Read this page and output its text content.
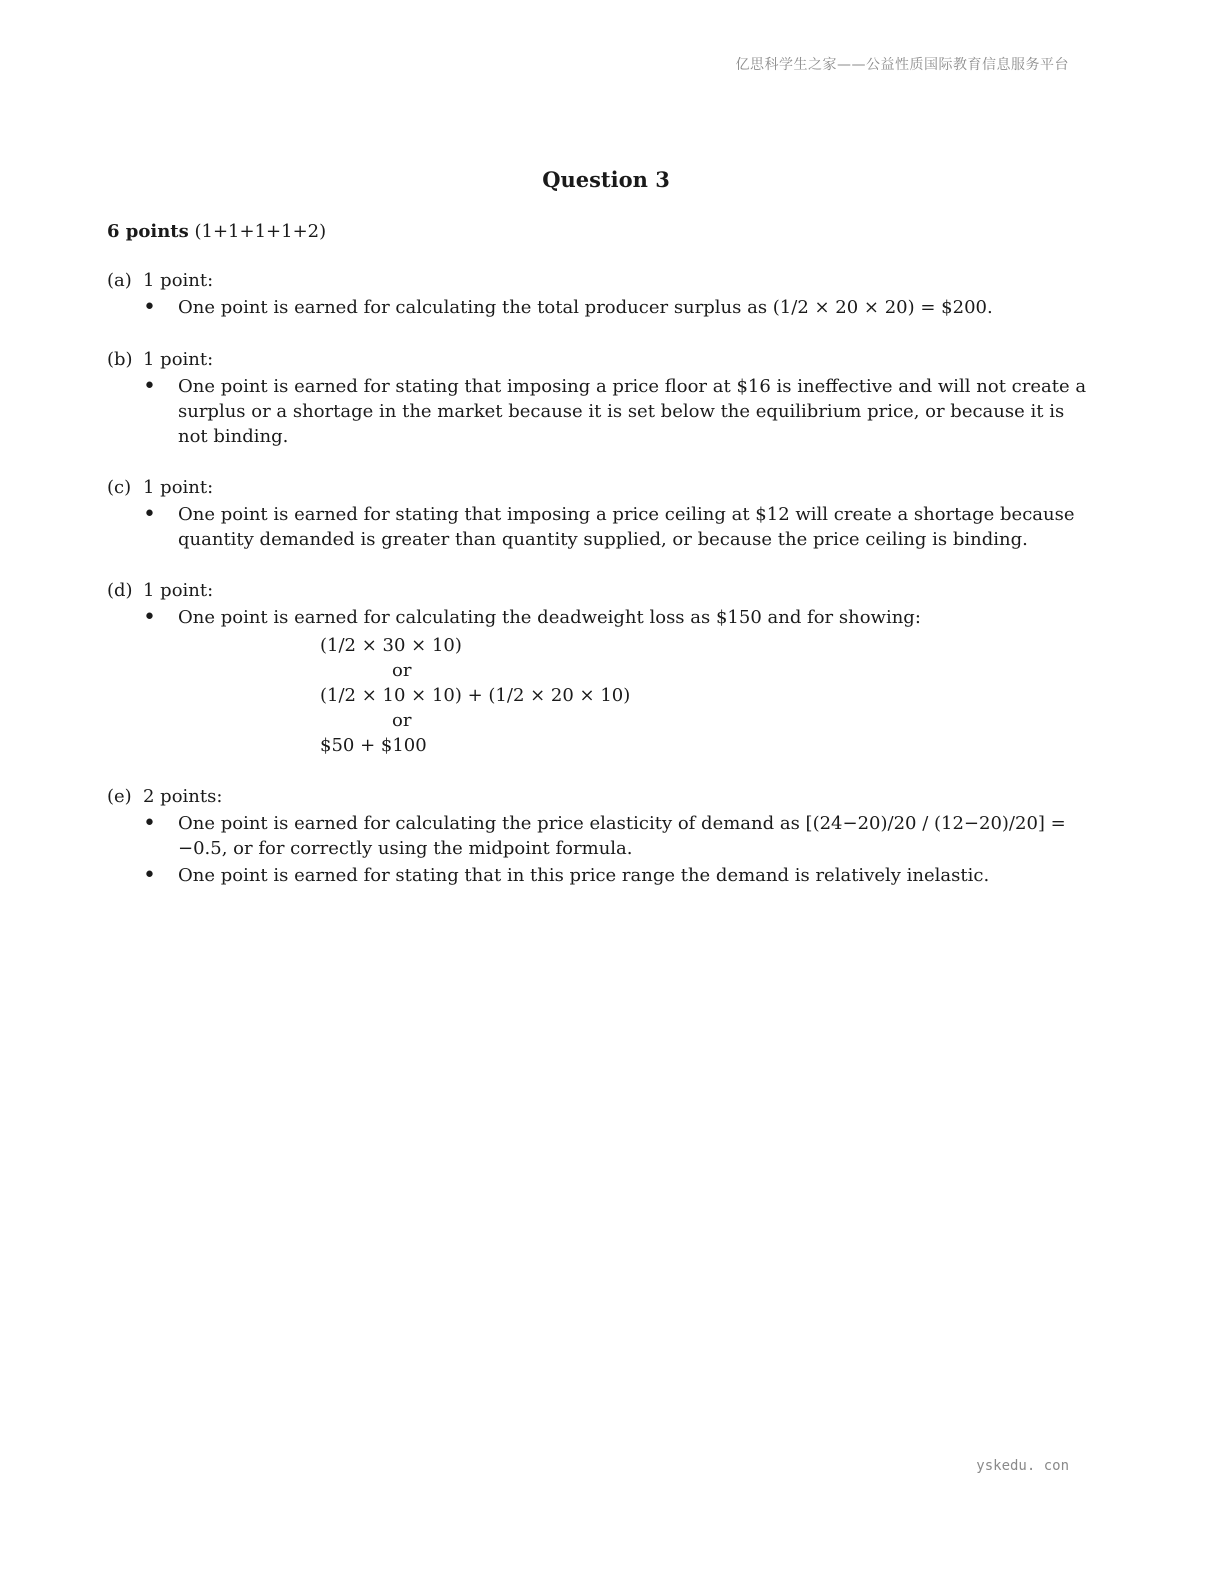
亿思科学生之家——公益性质国际教育信息服务平台
Question 3

6 points (1+1+1+1+2)

(a) 1 point:
•
One point is earned for calculating the total producer surplus as (1/2 × 20 × 20) = $200.
(b) 1 point:
•
One point is earned for stating that imposing a price floor at $16 is ineffective and will not create a surplus or a shortage in the market because it is set below the equilibrium price, or because it is not binding.
(c) 1 point:
•
One point is earned for stating that imposing a price ceiling at $12 will create a shortage because quantity demanded is greater than quantity supplied, or because the price ceiling is binding.
(d) 1 point:
•
One point is earned for calculating the deadweight loss as $150 and for showing:
(1/2 × 30 × 10)
or
(1/2 × 10 × 10) + (1/2 × 20 × 10)
or
$50 + $100
(e) 2 points:
•
One point is earned for calculating the price elasticity of demand as [(24−20)/20 / (12−20)/20] = −0.5, or for correctly using the midpoint formula.
•
One point is earned for stating that in this price range the demand is relatively inelastic.
yskedu. con
